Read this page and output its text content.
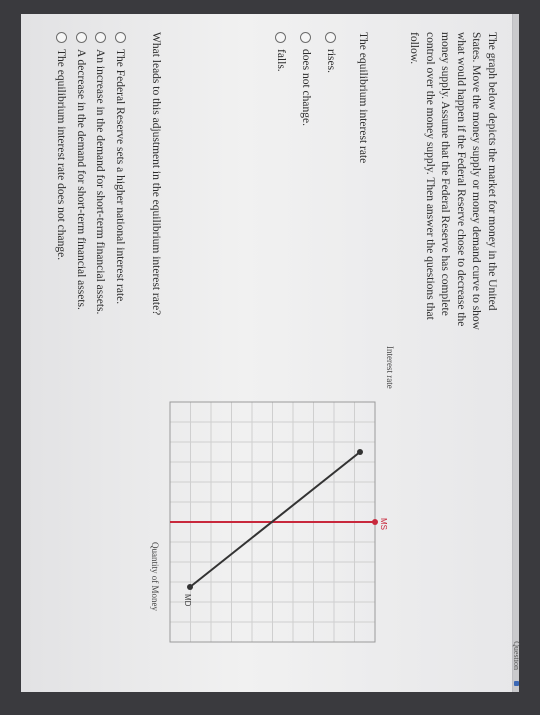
Question
The graph below depicts the market for money in the United States. Move the money supply or money demand curve to show what would happen if the Federal Reserve chose to decrease the money supply. Assume that the Federal Reserve has complete control over the money supply. Then answer the questions that follow.
The equilibrium interest rate
rises.
does not change.
falls.
What leads to this adjustment in the equilibrium interest rate?
The Federal Reserve sets a higher national interest rate.
An increase in the demand for short-term financial assets.
A decrease in the demand for short-term financial assets.
The equilibrium interest rate does not change.
Interest rate
Quantity of Money
MS
MD
